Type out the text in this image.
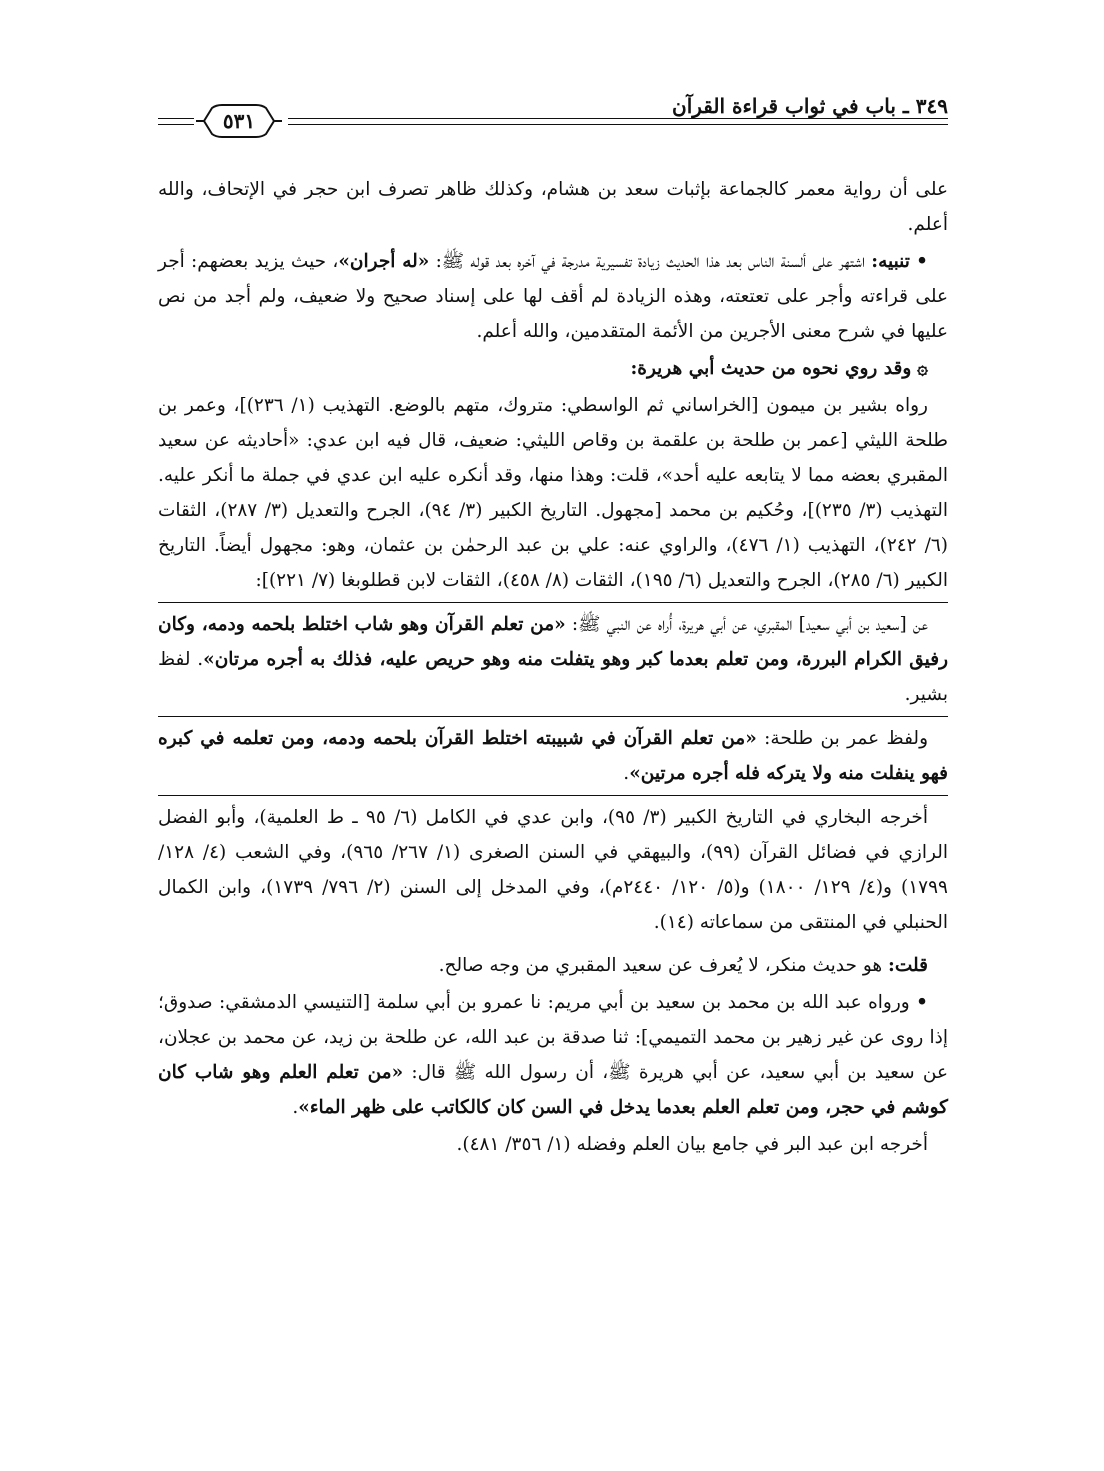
٣٤٩ ـ باب في ثواب قراءة القرآن
٥٣١

على أن رواية معمر كالجماعة بإثبات سعد بن هشام، وكذلك ظاهر تصرف ابن حجر في الإتحاف، والله أعلم.

• تنبيه: اشتهر على ألسنة الناس بعد هذا الحديث زيادة تفسيرية مدرجة في آخره بعد قوله ﷺ: «له أجران»، حيث يزيد بعضهم: أجر على قراءته وأجر على تعتعته، وهذه الزيادة لم أقف لها على إسناد صحيح ولا ضعيف، ولم أجد من نص عليها في شرح معنى الأجرين من الأئمة المتقدمين، والله أعلم.

۞ وقد روي نحوه من حديث أبي هريرة:

رواه بشير بن ميمون [الخراساني ثم الواسطي: متروك، متهم بالوضع. التهذيب (١/ ٢٣٦)]، وعمر بن طلحة الليثي [عمر بن طلحة بن علقمة بن وقاص الليثي: ضعيف، قال فيه ابن عدي: «أحاديثه عن سعيد المقبري بعضه مما لا يتابعه عليه أحد»، قلت: وهذا منها، وقد أنكره عليه ابن عدي في جملة ما أنكر عليه. التهذيب (٣/ ٢٣٥)]، وحُكيم بن محمد [مجهول. التاريخ الكبير (٣/ ٩٤)، الجرح والتعديل (٣/ ٢٨٧)، الثقات (٦/ ٢٤٢)، التهذيب (١/ ٤٧٦)، والراوي عنه: علي بن عبد الرحمٰن بن عثمان، وهو: مجهول أيضاً. التاريخ الكبير (٦/ ٢٨٥)، الجرح والتعديل (٦/ ١٩٥)، الثقات (٨/ ٤٥٨)، الثقات لابن قطلوبغا (٧/ ٢٢١)]:

عن [سعيد بن أبي سعيد] المقبري، عن أبي هريرة، أُراه عن النبي ﷺ: «من تعلم القرآن وهو شاب اختلط بلحمه ودمه، وكان رفيق الكرام البررة، ومن تعلم بعدما كبر وهو يتفلت منه وهو حريص عليه، فذلك به أجره مرتان». لفظ بشير.

ولفظ عمر بن طلحة: «من تعلم القرآن في شبيبته اختلط القرآن بلحمه ودمه، ومن تعلمه في كبره فهو ينفلت منه ولا يتركه فله أجره مرتين».

أخرجه البخاري في التاريخ الكبير (٣/ ٩٥)، وابن عدي في الكامل (٦/ ٩٥ ـ ط العلمية)، وأبو الفضل الرازي في فضائل القرآن (٩٩)، والبيهقي في السنن الصغرى (١/ ٢٦٧/ ٩٦٥)، وفي الشعب (٤/ ١٢٨/ ١٧٩٩) و(٤/ ١٢٩/ ١٨٠٠) و(٥/ ١٢٠/ ٢٤٤٠م)، وفي المدخل إلى السنن (٢/ ٧٩٦/ ١٧٣٩)، وابن الكمال الحنبلي في المنتقى من سماعاته (١٤).

قلت: هو حديث منكر، لا يُعرف عن سعيد المقبري من وجه صالح.

• ورواه عبد الله بن محمد بن سعيد بن أبي مريم: نا عمرو بن أبي سلمة [التنيسي الدمشقي: صدوق؛ إذا روى عن غير زهير بن محمد التميمي]: ثنا صدقة بن عبد الله، عن طلحة بن زيد، عن محمد بن عجلان، عن سعيد بن أبي سعيد، عن أبي هريرة ﷺ، أن رسول الله ﷺ قال: «من تعلم العلم وهو شاب كان كوشم في حجر، ومن تعلم العلم بعدما يدخل في السن كان كالكاتب على ظهر الماء».

أخرجه ابن عبد البر في جامع بيان العلم وفضله (١/ ٣٥٦/ ٤٨١).
